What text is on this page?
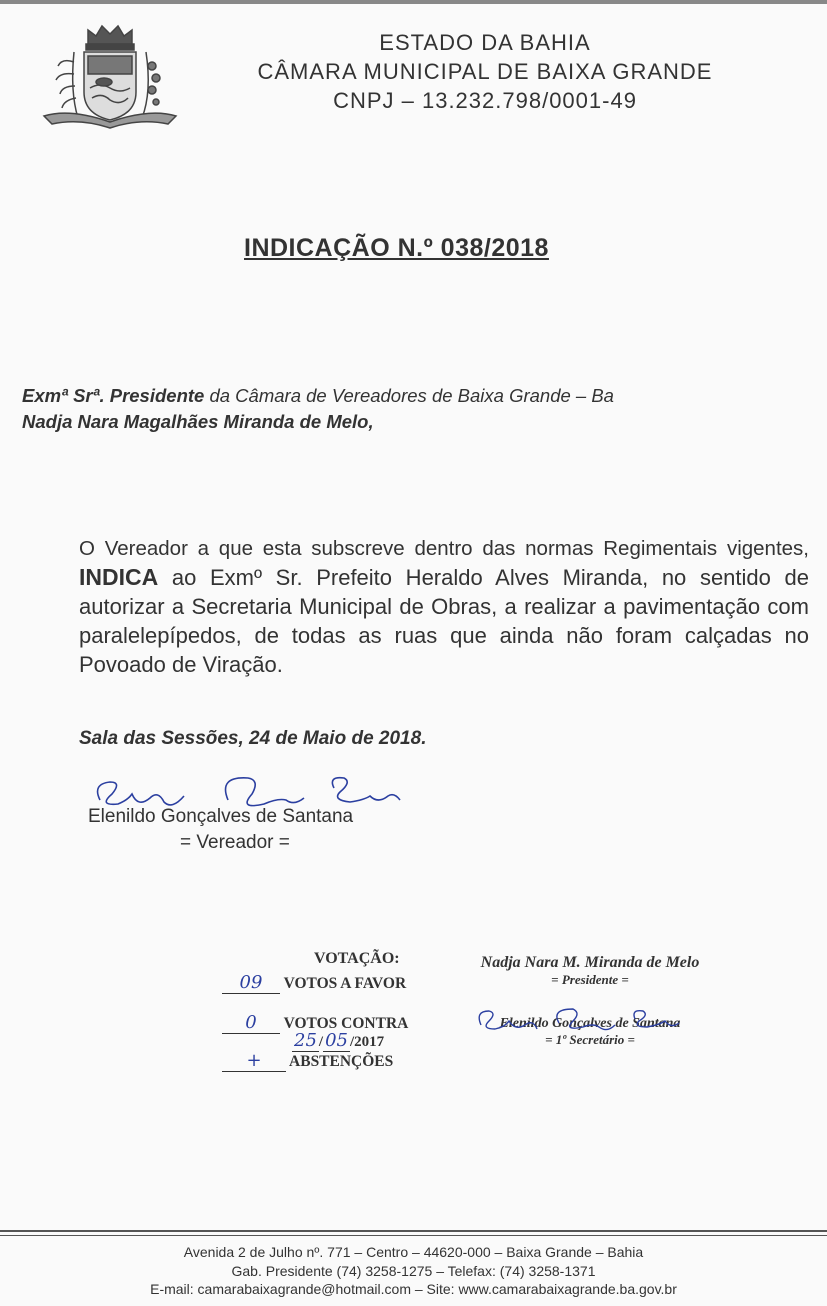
ESTADO DA BAHIA
CÂMARA MUNICIPAL DE BAIXA GRANDE
CNPJ – 13.232.798/0001-49
INDICAÇÃO N.º 038/2018
Exmª Srª. Presidente da Câmara de Vereadores de Baixa Grande – Ba
Nadja Nara Magalhães Miranda de Melo,
O Vereador a que esta subscreve dentro das normas Regimentais vigentes, INDICA ao Exmº Sr. Prefeito Heraldo Alves Miranda, no sentido de autorizar a Secretaria Municipal de Obras, a realizar a pavimentação com paralelepípedos, de todas as ruas que ainda não foram calçadas no Povoado de Viração.
Sala das Sessões, 24 de Maio de 2018.
Elenildo Gonçalves de Santana
= Vereador =
VOTAÇÃO:
09 VOTOS A FAVOR
0 VOTOS CONTRA
25 / 05 /2017
+ ABSTENÇÕES
Nadja Nara M. Miranda de Melo
= Presidente =
Elenildo Gonçalves de Santana
= 1º Secretário =
Avenida 2 de Julho nº. 771 – Centro – 44620-000 – Baixa Grande – Bahia
Gab. Presidente (74) 3258-1275 – Telefax: (74) 3258-1371
E-mail: camarabaixagrande@hotmail.com – Site: www.camarabaixagrande.ba.gov.br
